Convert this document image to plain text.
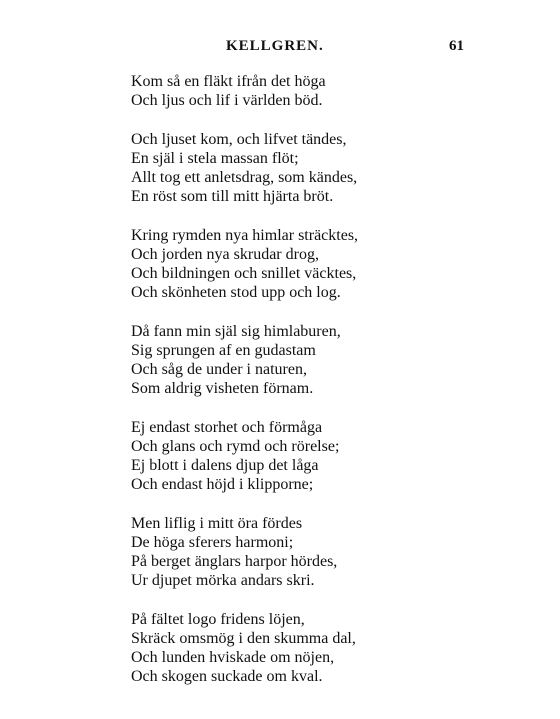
KELLGREN.	61
Kom så en fläkt ifrån det höga
Och ljus och lif i världen böd.
Och ljuset kom, och lifvet tändes,
En själ i stela massan flöt;
Allt tog ett anletsdrag, som kändes,
En röst som till mitt hjärta bröt.
Kring rymden nya himlar sträcktes,
Och jorden nya skrudar drog,
Och bildningen och snillet väcktes,
Och skönheten stod upp och log.
Då fann min själ sig himlaburen,
Sig sprungen af en gudastam
Och såg de under i naturen,
Som aldrig visheten förnam.
Ej endast storhet och förmåga
Och glans och rymd och rörelse;
Ej blott i dalens djup det låga
Och endast höjd i klipporne;
Men liflig i mitt öra fördes
De höga sferers harmoni;
På berget änglars harpor hördes,
Ur djupet mörka andars skri.
På fältet logo fridens löjen,
Skräck omsmög i den skumma dal,
Och lunden hviskade om nöjen,
Och skogen suckade om kval.
